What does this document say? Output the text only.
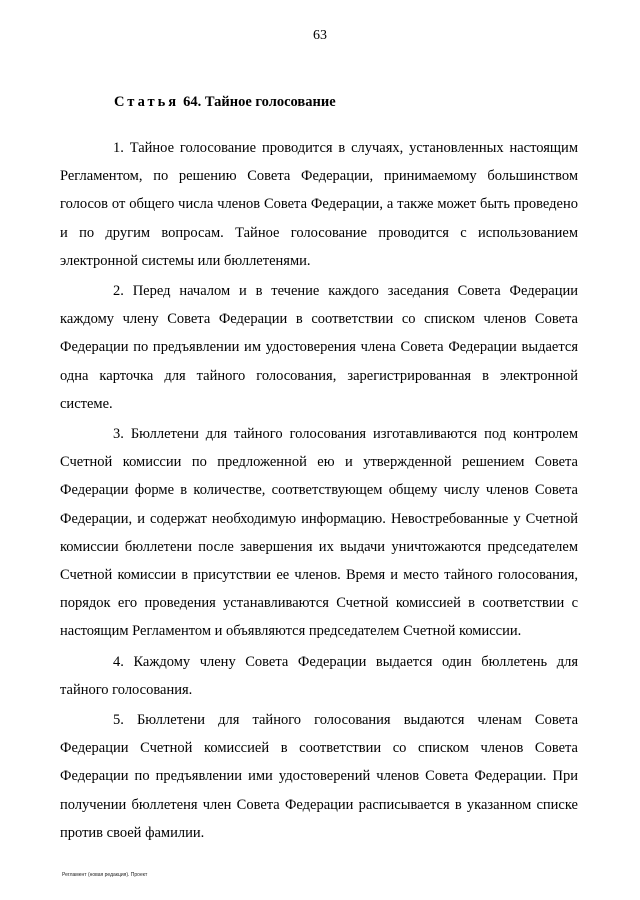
63
Статья 64. Тайное голосование

1. Тайное голосование проводится в случаях, установленных настоящим Регламентом, по решению Совета Федерации, принимаемому большинством голосов от общего числа членов Совета Федерации, а также может быть проведено и по другим вопросам. Тайное голосование проводится с использованием электронной системы или бюллетенями.

2. Перед началом и в течение каждого заседания Совета Федерации каждому члену Совета Федерации в соответствии со списком членов Совета Федерации по предъявлении им удостоверения члена Совета Федерации выдается одна карточка для тайного голосования, зарегистрированная в электронной системе.

3. Бюллетени для тайного голосования изготавливаются под контролем Счетной комиссии по предложенной ею и утвержденной решением Совета Федерации форме в количестве, соответствующем общему числу членов Совета Федерации, и содержат необходимую информацию. Невостребованные у Счетной комиссии бюллетени после завершения их выдачи уничтожаются председателем Счетной комиссии в присутствии ее членов. Время и место тайного голосования, порядок его проведения устанавливаются Счетной комиссией в соответствии с настоящим Регламентом и объявляются председателем Счетной комиссии.

4. Каждому члену Совета Федерации выдается один бюллетень для тайного голосования.

5. Бюллетени для тайного голосования выдаются членам Совета Федерации Счетной комиссией в соответствии со списком членов Совета Федерации по предъявлении ими удостоверений членов Совета Федерации. При получении бюллетеня член Совета Федерации расписывается в указанном списке против своей фамилии.

Регламент (новая редакция). Проект
